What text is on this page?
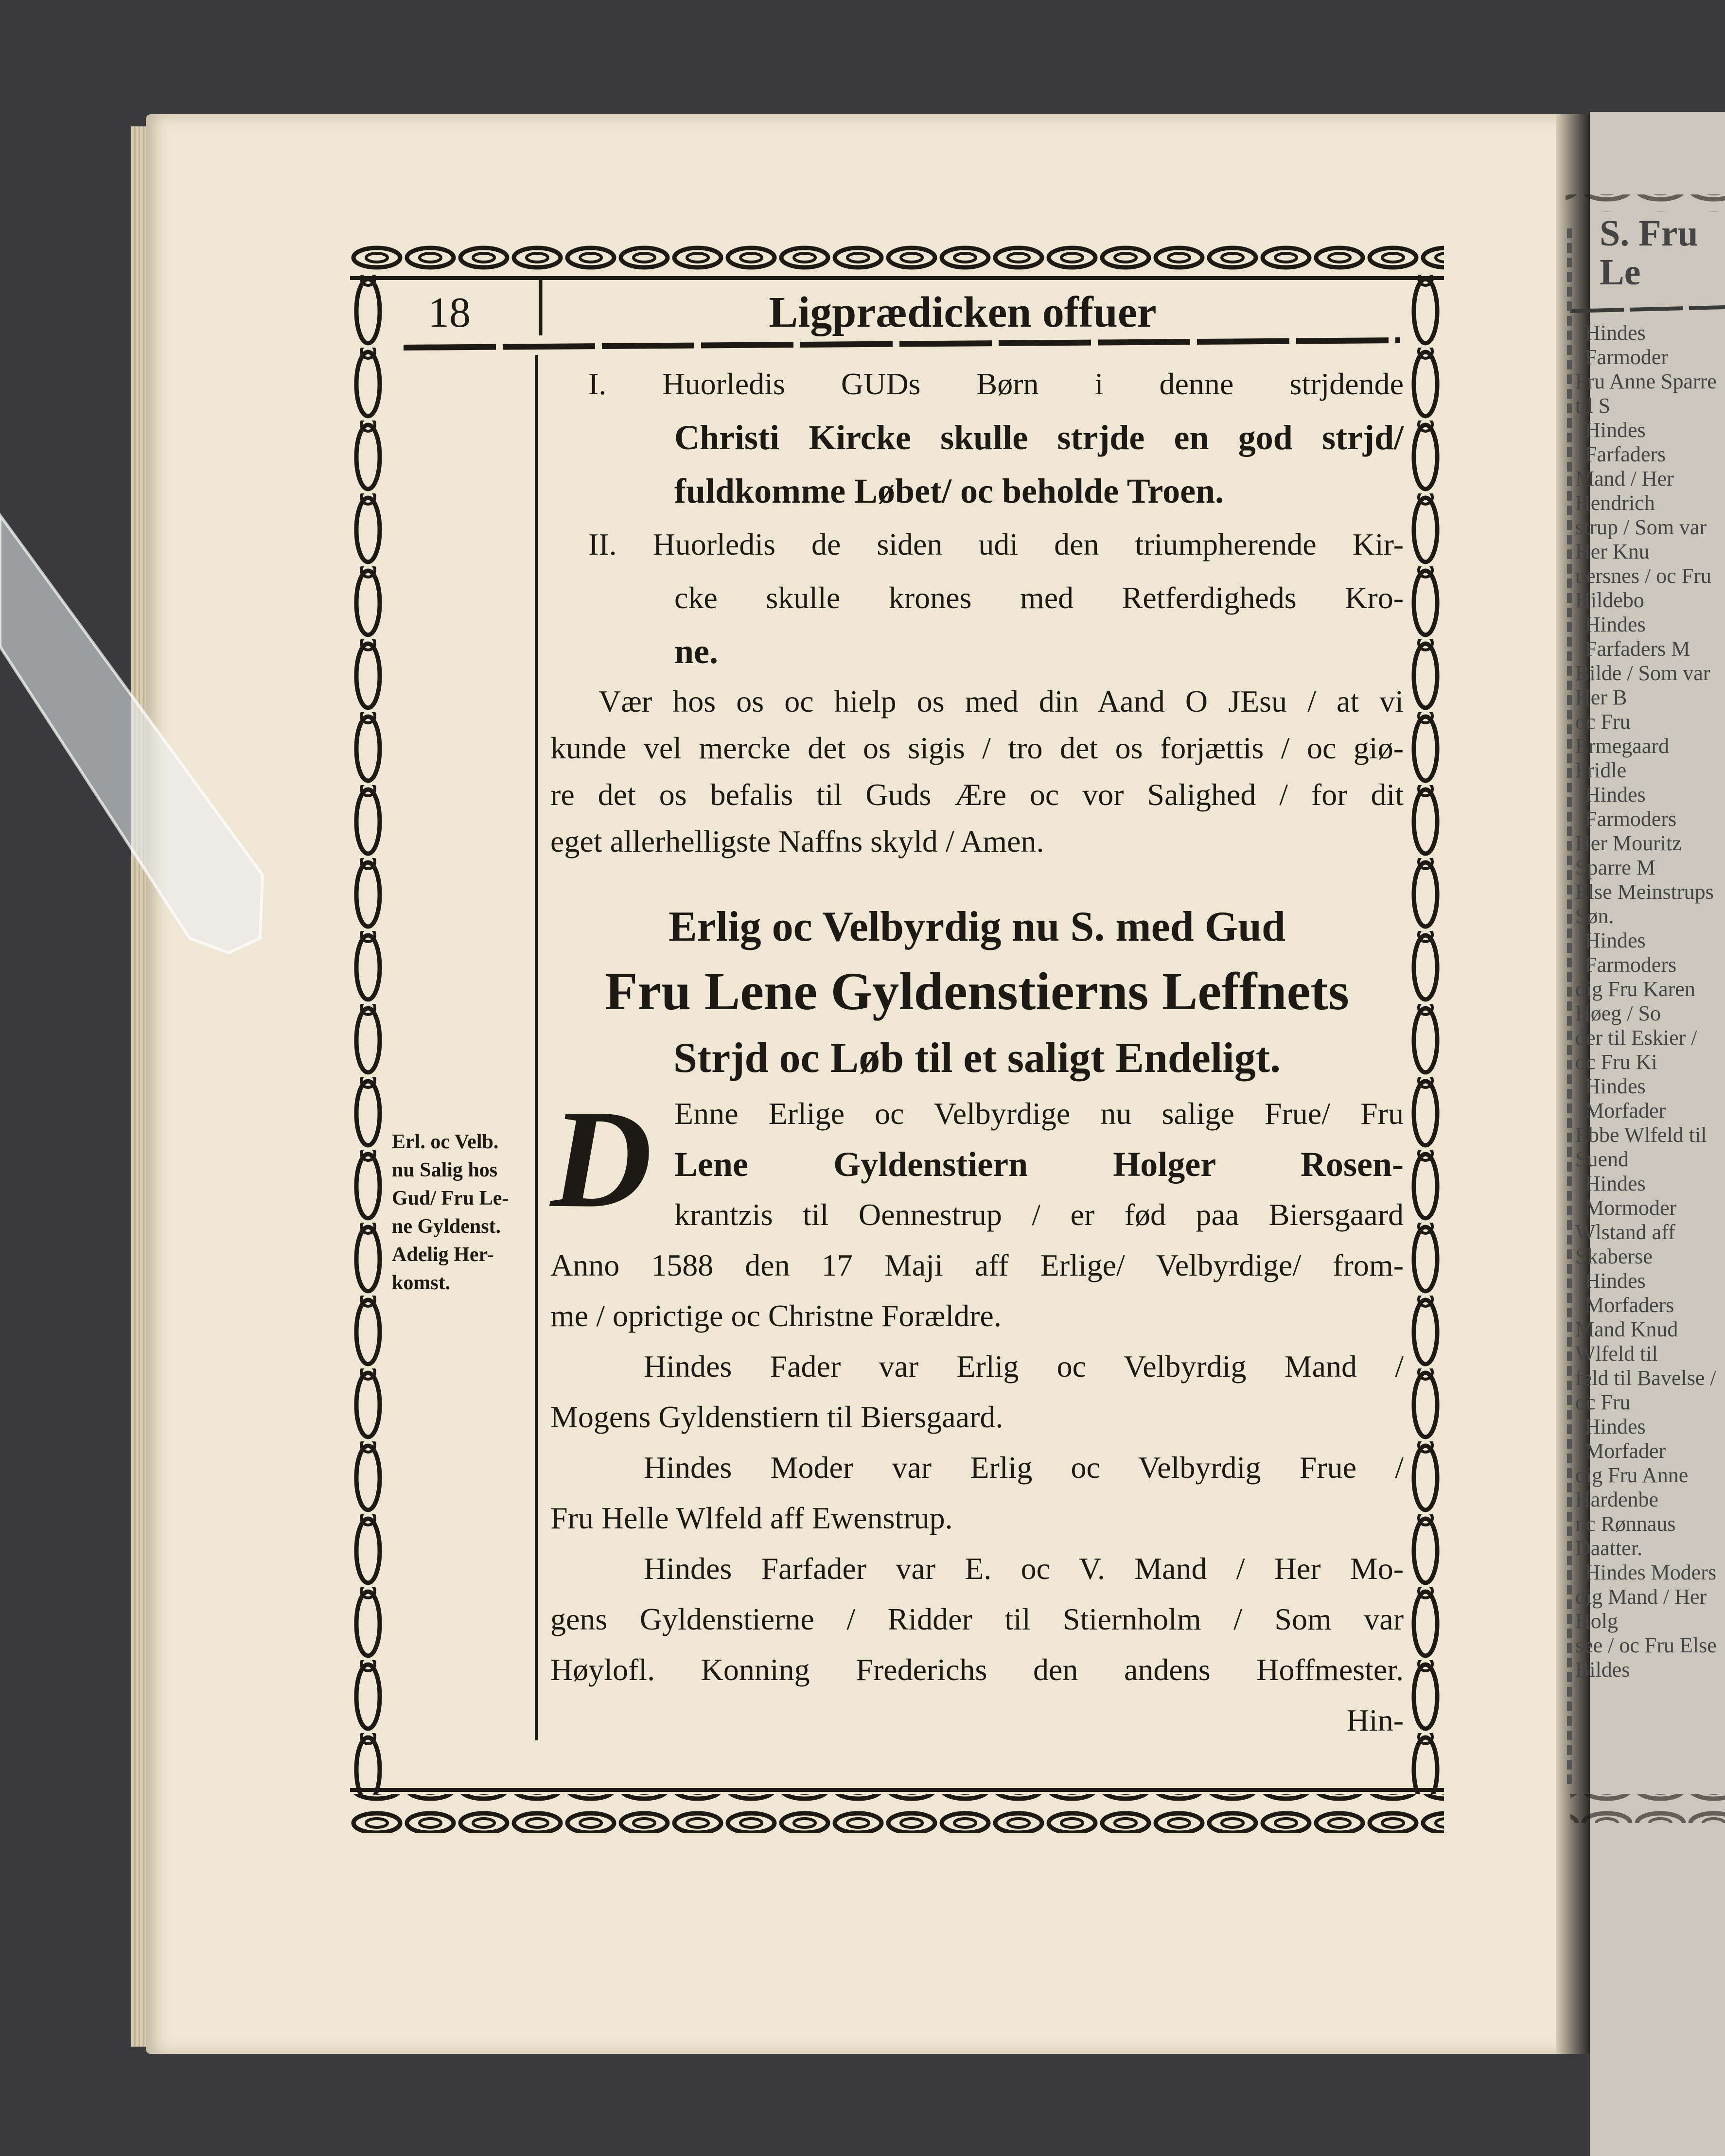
18	Ligprædicken offuer
I. Huorledis GUDs Børn i denne strjdende
Christi Kircke skulle strjde en god strjd/
fuldkomme Løbet/ oc beholde Troen.
II. Huorledis de siden udi den triumpherende Kir-
cke skulle krones med Retferdigheds Kro-
ne.
Vær hos os oc hielp os med din Aand O JEsu / at vi
kunde vel mercke det os sigis / tro det os forjættis / oc giø-
re det os befalis til Guds Ære oc vor Salighed / for dit
eget allerhelligste Naffns skyld / Amen.
Erlig oc Velbyrdig nu S. med Gud
Fru Lene Gyldenstierns Leffnets
Strjd oc Løb til et saligt Endeligt.
D Enne Erlige oc Velbyrdige nu salige Frue/ Fru
Lene Gyldenstiern Holger Rosen-
krantzis til Oennestrup / er fød paa Biersgaard
Anno 1588 den 17 Maji aff Erlige/ Velbyrdige/ from-
me / oprictige oc Christne Forældre.
Hindes Fader var Erlig oc Velbyrdig Mand /
Mogens Gyldenstiern til Biersgaard.
Hindes Moder var Erlig oc Velbyrdig Frue /
Fru Helle Wlfeld aff Ewenstrup.
Hindes Farfader var E. oc V. Mand / Her Mo-
gens Gyldenstierne / Ridder til Stiernholm / Som var
Høylofl. Konning Frederichs den andens Hoffmester.
Hin-
Erl. oc Velb.
nu Salig hos
Gud/ Fru Le-
ne Gyldenst.
Adelig Her-
komst.
S. Fru Le
Hindes Farmoder
Fru Anne Sparre til S
Hindes Farfaders
Mand / Her Hendrich
strup / Som var Her Knu
uersnes / oc Fru Hildebo
Hindes Farfaders M
Bilde / Som var Her B
oc Fru Ermegaard Fridle
Hindes Farmoders
Her Mouritz Sparre M
Else Meinstrups Søn.
Hindes Farmoders
dig Fru Karen Høeg / So
der til Eskier / oc Fru Ki
Hindes Morfader
Ebbe Wlfeld til Suend
Hindes Mormoder
Wlstand aff Skaberse
Hindes Morfaders
Mand Knud Wlfeld til
feld til Bavelse / oc Fru
Hindes Morfader
dig Fru Anne Hardenbe
nc Rønnaus Daatter.
Hindes Moders
dig Mand / Her Holg
see / oc Fru Else Bildes
